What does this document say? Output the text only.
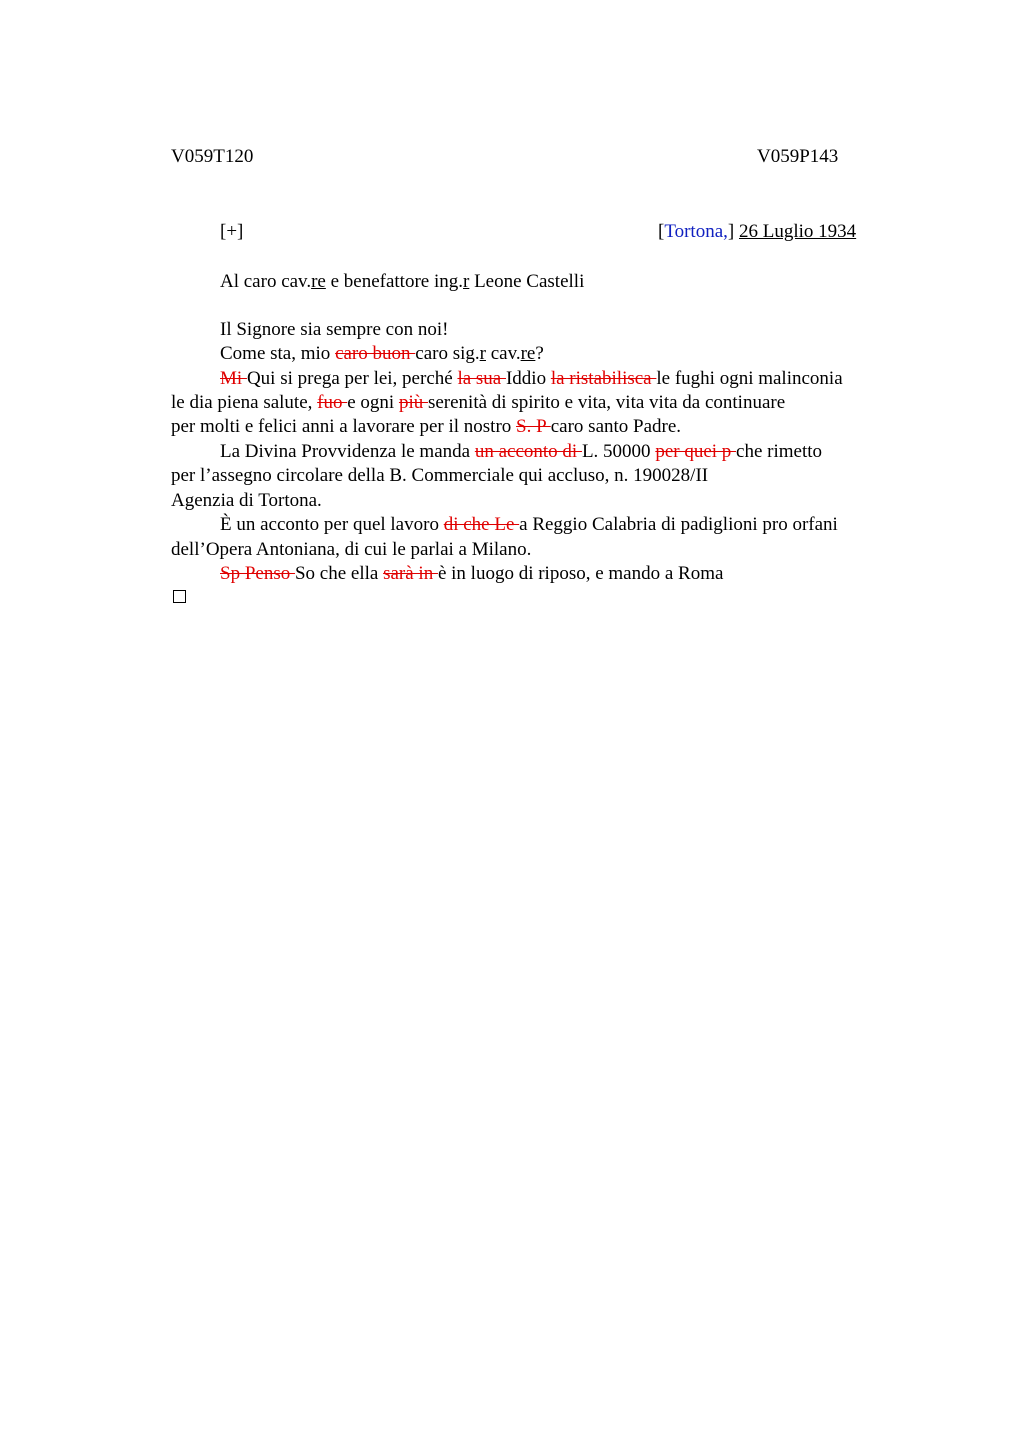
V059T120	V059P143
[+]	[Tortona,] 26 Luglio 1934
Al caro cav.re e benefattore ing.r Leone Castelli
Il Signore sia sempre con noi!
Come sta, mio caro buon caro sig.r cav.re?
Mi Qui si prega per lei, perché la sua Iddio la ristabilisca le fughi ogni malinconia
le dia piena salute, fuo e ogni più serenità di spirito e vita, vita vita da continuare
per molti e felici anni a lavorare per il nostro S. P caro santo Padre.
La Divina Provvidenza le manda un acconto di L. 50000 per quei p che rimetto
per l’assegno circolare della B. Commerciale qui accluso, n. 190028/II
Agenzia di Tortona.
È un acconto per quel lavoro di che Le a Reggio Calabria di padiglioni pro orfani
dell’Opera Antoniana, di cui le parlai a Milano.
Sp Penso So che ella sarà in è in luogo di riposo, e mando a Roma
